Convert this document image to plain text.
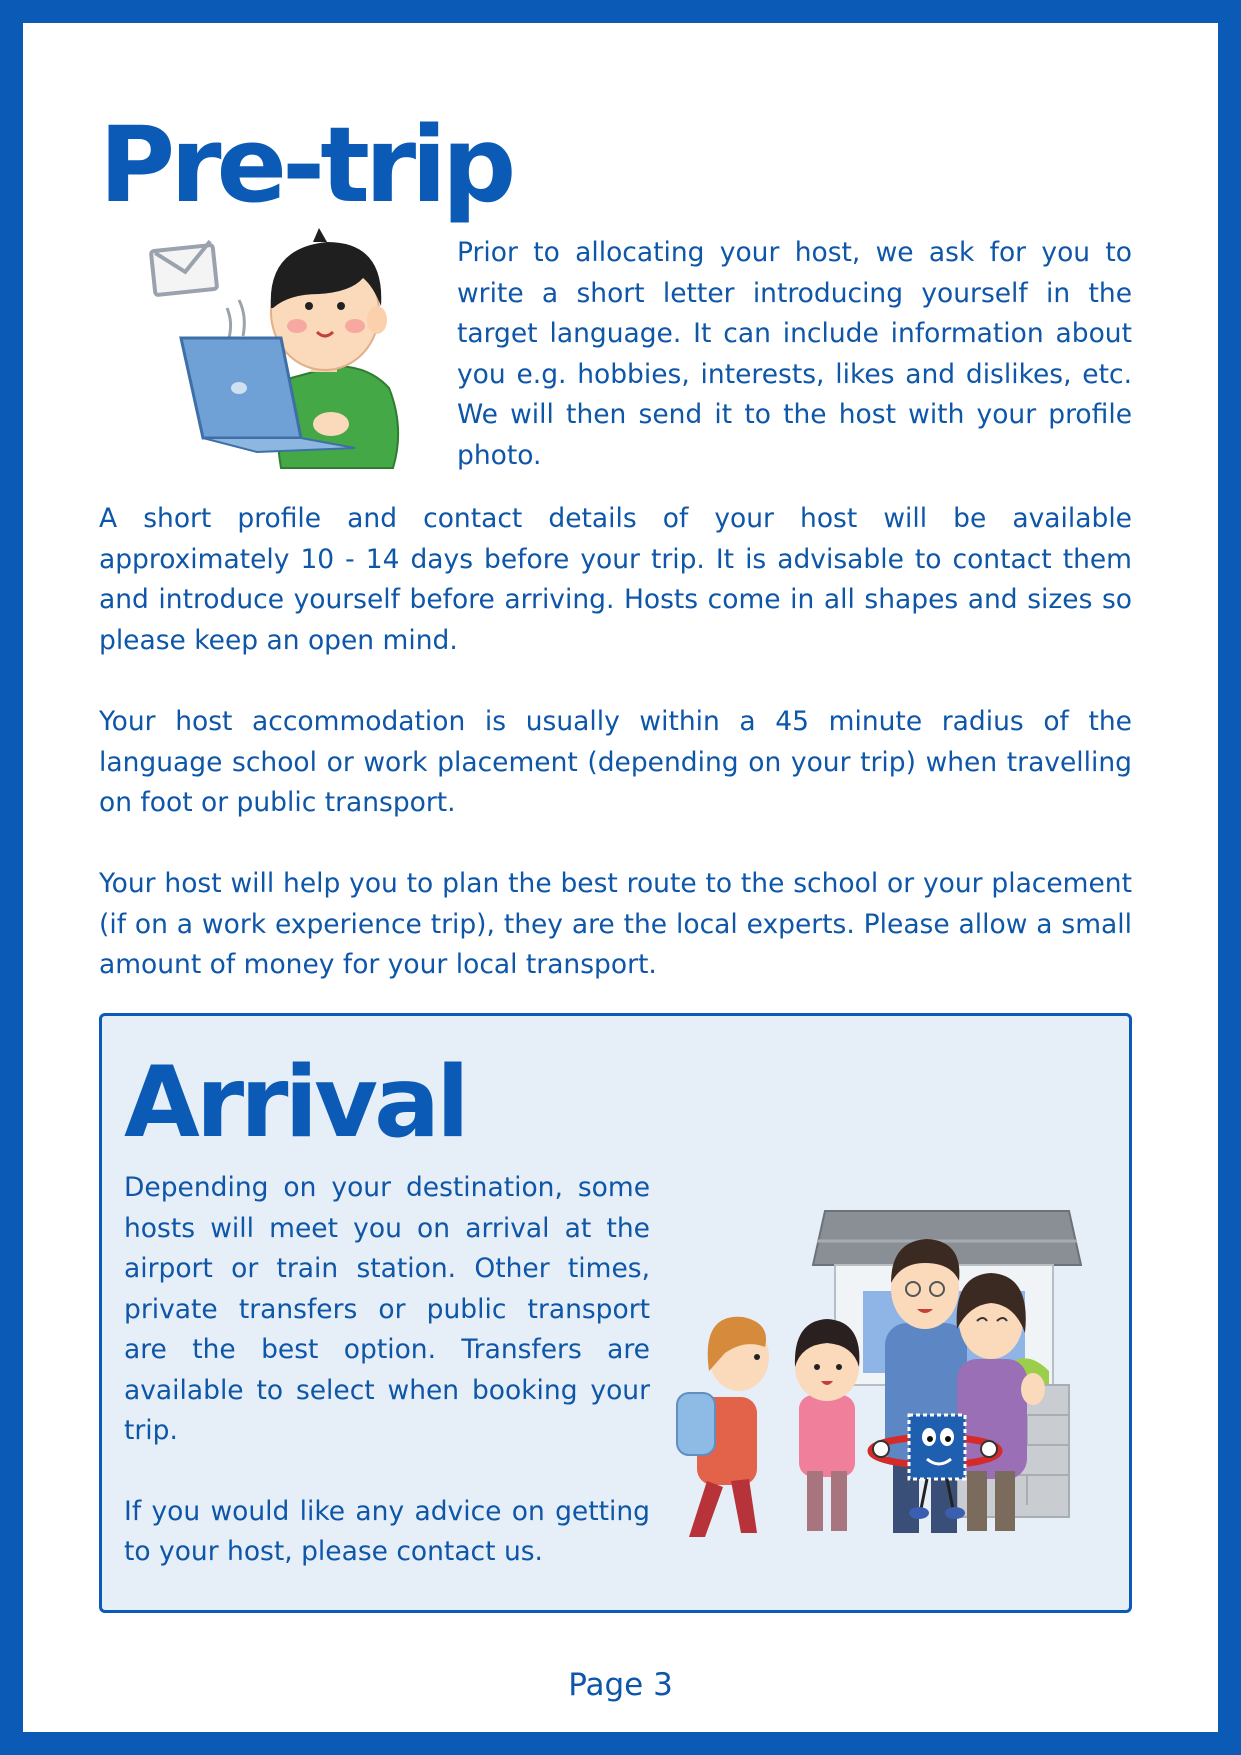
Pre-trip

Prior to allocating your host, we ask for you to write a short letter introducing yourself in the target language. It can include information about you e.g. hobbies, interests, likes and dislikes, etc. We will then send it to the host with your profile photo.

A short profile and contact details of your host will be available approximately 10 - 14 days before your trip. It is advisable to contact them and introduce yourself before arriving. Hosts come in all shapes and sizes so please keep an open mind.

Your host accommodation is usually within a 45 minute radius of the language school or work placement (depending on your trip) when travelling on foot or public transport.

Your host will help you to plan the best route to the school or your placement (if on a work experience trip), they are the local experts. Please allow a small amount of money for your local transport.

Arrival

Depending on your destination, some hosts will meet you on arrival at the airport or train station. Other times, private transfers or public transport are the best option. Transfers are available to select when booking your trip.

If you would like any advice on getting to your host, please contact us.

Page 3
